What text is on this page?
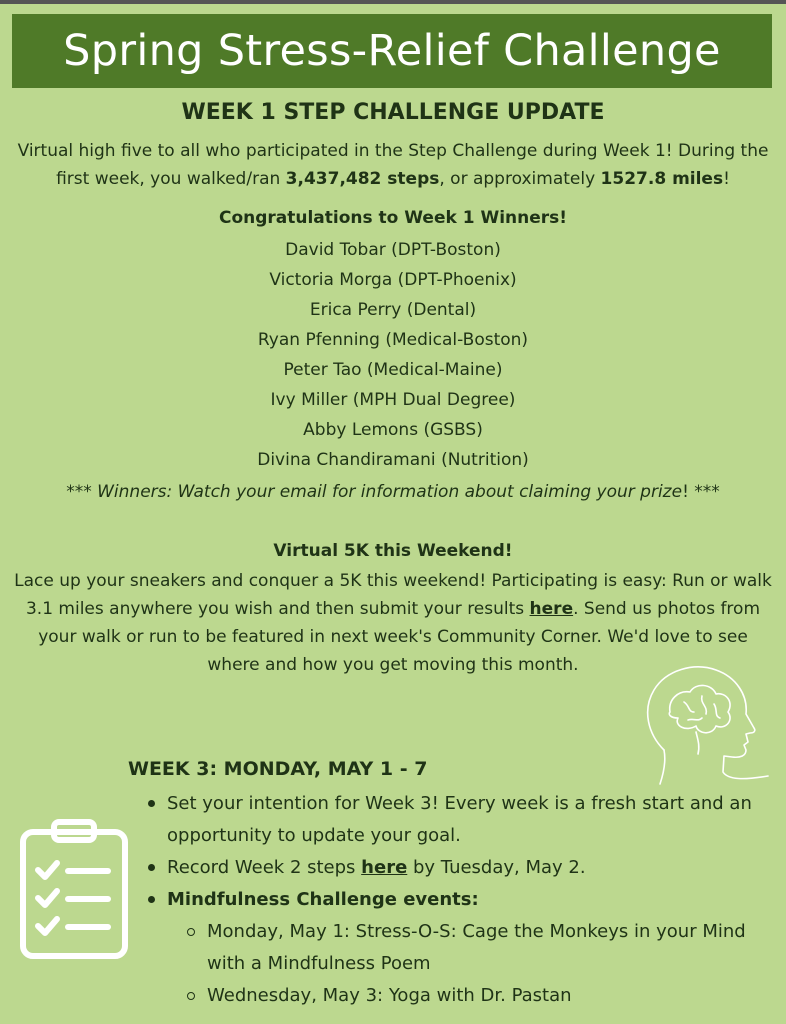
Spring Stress-Relief Challenge
WEEK 1 STEP CHALLENGE UPDATE
Virtual high five to all who participated in the Step Challenge during Week 1! During the first week, you walked/ran 3,437,482 steps, or approximately 1527.8 miles!
Congratulations to Week 1 Winners!
David Tobar (DPT-Boston)
Victoria Morga (DPT-Phoenix)
Erica Perry (Dental)
Ryan Pfenning (Medical-Boston)
Peter Tao (Medical-Maine)
Ivy Miller (MPH Dual Degree)
Abby Lemons (GSBS)
Divina Chandiramani (Nutrition)
*** Winners: Watch your email for information about claiming your prize! ***
Virtual 5K this Weekend!
Lace up your sneakers and conquer a 5K this weekend! Participating is easy: Run or walk 3.1 miles anywhere you wish and then submit your results here. Send us photos from your walk or run to be featured in next week's Community Corner. We'd love to see where and how you get moving this month.
WEEK 3: MONDAY, MAY 1 - 7
Set your intention for Week 3! Every week is a fresh start and an opportunity to update your goal.
Record Week 2 steps here by Tuesday, May 2.
Mindfulness Challenge events:
Monday, May 1: Stress-O-S: Cage the Monkeys in your Mind with a Mindfulness Poem
Wednesday, May 3: Yoga with Dr. Pastan
